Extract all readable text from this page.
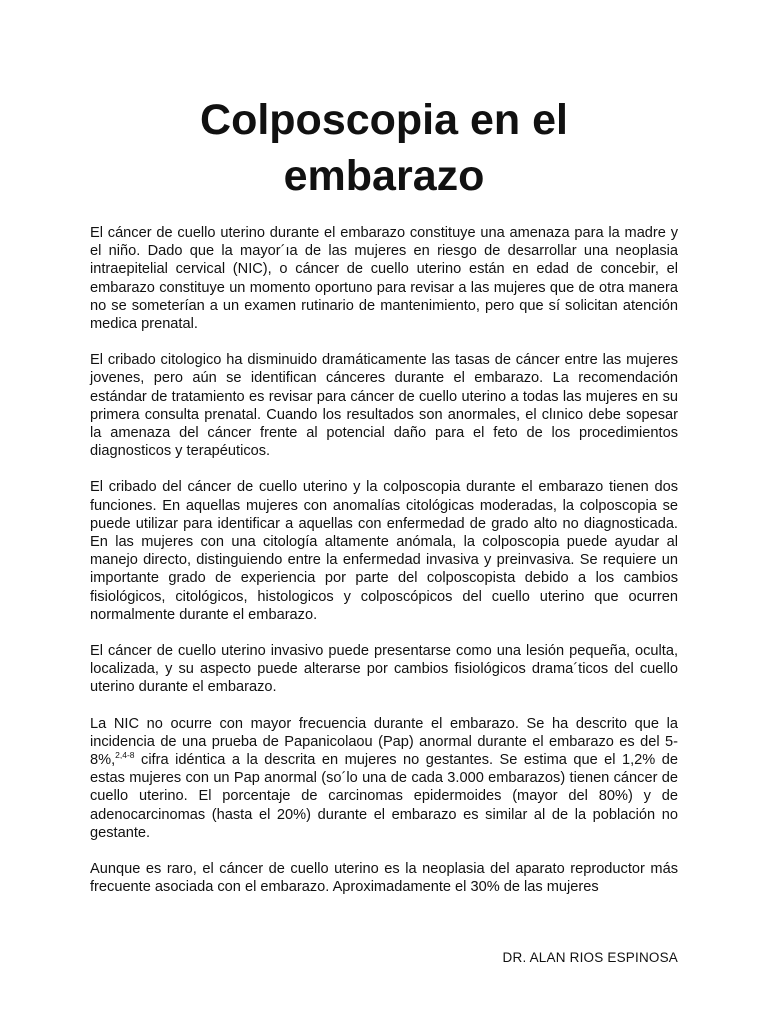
Colposcopia en el
embarazo

El cáncer de cuello uterino durante el embarazo constituye una amenaza para la madre y el niño. Dado que la mayor´ıa de las mujeres en riesgo de desarrollar una neoplasia intraepitelial cervical (NIC), o cáncer de cuello uterino están en edad de concebir, el embarazo constituye un momento oportuno para revisar a las mujeres que de otra manera no se someterían a un examen rutinario de mantenimiento, pero que sí solicitan atención medica prenatal.

El cribado citologico ha disminuido dramáticamente las tasas de cáncer entre las mujeres jovenes, pero aún se identifican cánceres durante el embarazo. La recomendación estándar de tratamiento es revisar para cáncer de cuello uterino a todas las mujeres en su primera consulta prenatal. Cuando los resultados son anormales, el clınico debe sopesar la amenaza del cáncer frente al potencial daño para el feto de los procedimientos diagnosticos y terapéuticos.

El cribado del cáncer de cuello uterino y la colposcopia durante el embarazo tienen dos funciones. En aquellas mujeres con anomalías citológicas moderadas, la colposcopia se puede utilizar para identificar a aquellas con enfermedad de grado alto no diagnosticada. En las mujeres con una citología altamente anómala, la colposcopia puede ayudar al manejo directo, distinguiendo entre la enfermedad invasiva y preinvasiva. Se requiere un importante grado de experiencia por parte del colposcopista debido a los cambios fisiológicos, citológicos, histologicos y colposcópicos del cuello uterino que ocurren normalmente durante el embarazo.

El cáncer de cuello uterino invasivo puede presentarse como una lesión pequeña, oculta, localizada, y su aspecto puede alterarse por cambios fisiológicos drama´ticos del cuello uterino durante el embarazo.

La NIC no ocurre con mayor frecuencia durante el embarazo. Se ha descrito que la incidencia de una prueba de Papanicolaou (Pap) anormal durante el embarazo es del 5-8%,$^{2,4-8}$ cifra idéntica a la descrita en mujeres no gestantes. Se estima que el 1,2% de estas mujeres con un Pap anormal (so´lo una de cada 3.000 embarazos) tienen cáncer de cuello uterino. El porcentaje de carcinomas epidermoides (mayor del 80%) y de adenocarcinomas (hasta el 20%) durante el embarazo es similar al de la población no gestante.

Aunque es raro, el cáncer de cuello uterino es la neoplasia del aparato reproductor más frecuente asociada con el embarazo. Aproximadamente el 30% de las mujeres

DR. ALAN RIOS ESPINOSA
